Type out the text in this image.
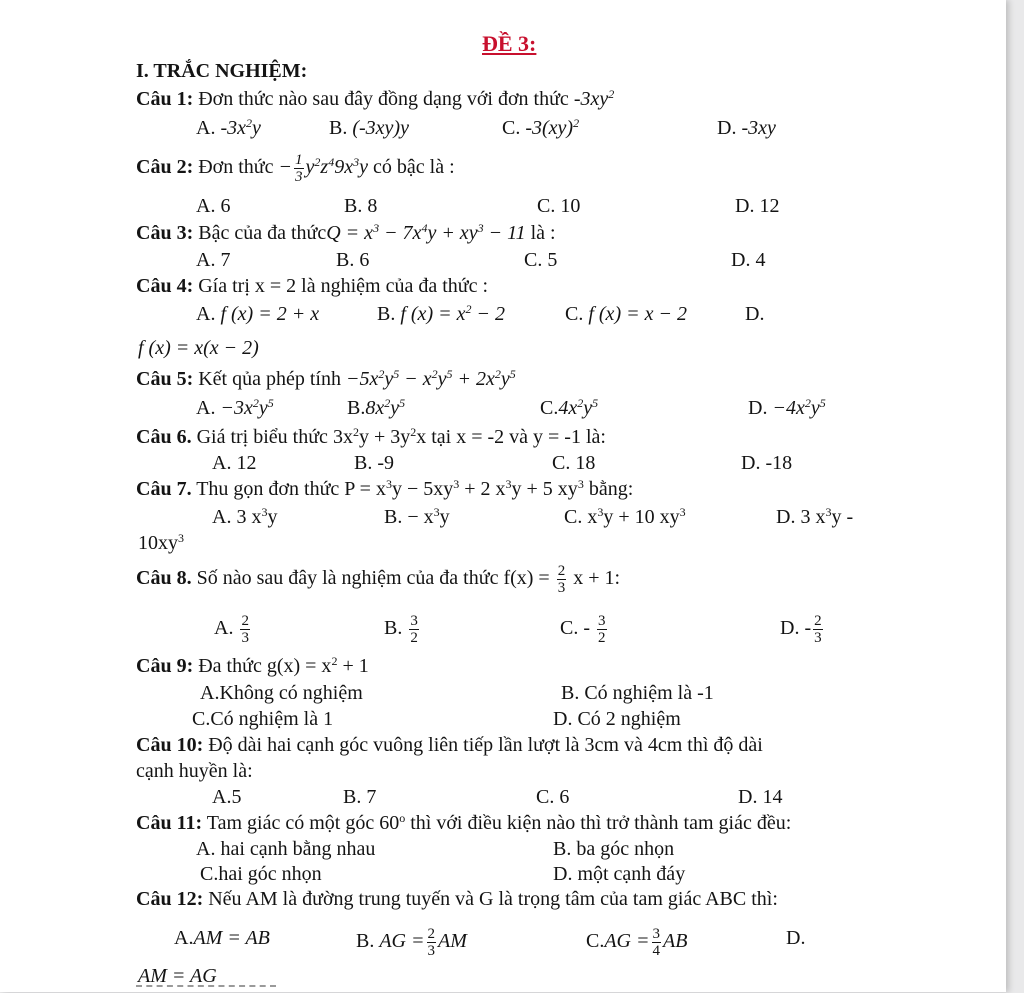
ĐỀ 3:
I. TRẮC NGHIỆM:
Câu 1: Đơn thức nào sau đây đồng dạng với đơn thức $-3xy^2$
A. $-3x^2y$	B. (-3xy)y	C. -3(xy)$^2$	D. -3xy
Câu 2: Đơn thức − $\frac{1}{3} y^2z^49x^3y$ có bậc là :
A. 6	B. 8	C. 10	D. 12
Câu 3: Bậc của đa thứcQ = $x^3 - 7x^4y + xy^3 - 11$ là :
A. 7	B. 6	C. 5	D. 4
Câu 4: Gía trị x = 2 là nghiệm của đa thức :
A. f (x) = 2 + x	B. f $(x) = x^2 - 2$	C. f (x) = x − 2	D.
f (x) = x(x − 2)
Câu 5: Kết qủa phép tính $-5x^2y^5 - x^2y^5 + 2x^2y^5$
A. $-3x^2y^5$	$B.8x^2y^5$	$C.4x^2y^5$	D. $-4x^2y^5$
Câu 6. Giá trị biểu thức $3x^2y + 3y^2x$ tại x = -2 và y = -1 là:
A. 12	B. -9	C. 18	D. -18
Câu 7. Thu gọn đơn thức $P = x^3y - 5xy^3 + 2$ $x^3y + 5$ $xy^3$ bằng:
A. 3 $x^3y$	B. − $x^3y$	C. $x^3y + 10$ $xy^3$	D. 3 $x^3y$ -
$10xy^3$
Câu 8. Số nào sau đây là nghiệm của đa thức $f(x) = \frac{2}{3}$ x + 1:
A. $\frac{2}{3}$	B. $\frac{3}{2}$	C. - $\frac{3}{2}$	D. - $\frac{2}{3}$
Câu 9: Đa thức $g(x) = x^2 + 1$
A.Không có nghiệm	B. Có nghiệm là -1
C.Có nghiệm là 1	D. Có 2 nghiệm
Câu 10: Độ dài hai cạnh góc vuông liên tiếp lần lượt là 3cm và 4cm thì độ dài
cạnh huyền là:
A.5	B. 7	C. 6	D. 14
Câu 11: Tam giác có một góc 60$^o$ thì với điều kiện nào thì trở thành tam giác đều:
A. hai cạnh bằng nhau	B. ba góc nhọn
C.hai góc nhọn	D. một cạnh đáy
Câu 12: Nếu AM là đường trung tuyến và G là trọng tâm của tam giác ABC thì:
A.AM = AB	B. AG = $\frac{2}{3}$ AM	$C.AG = \frac{3}{4}$ AB	D.
AM = AG
